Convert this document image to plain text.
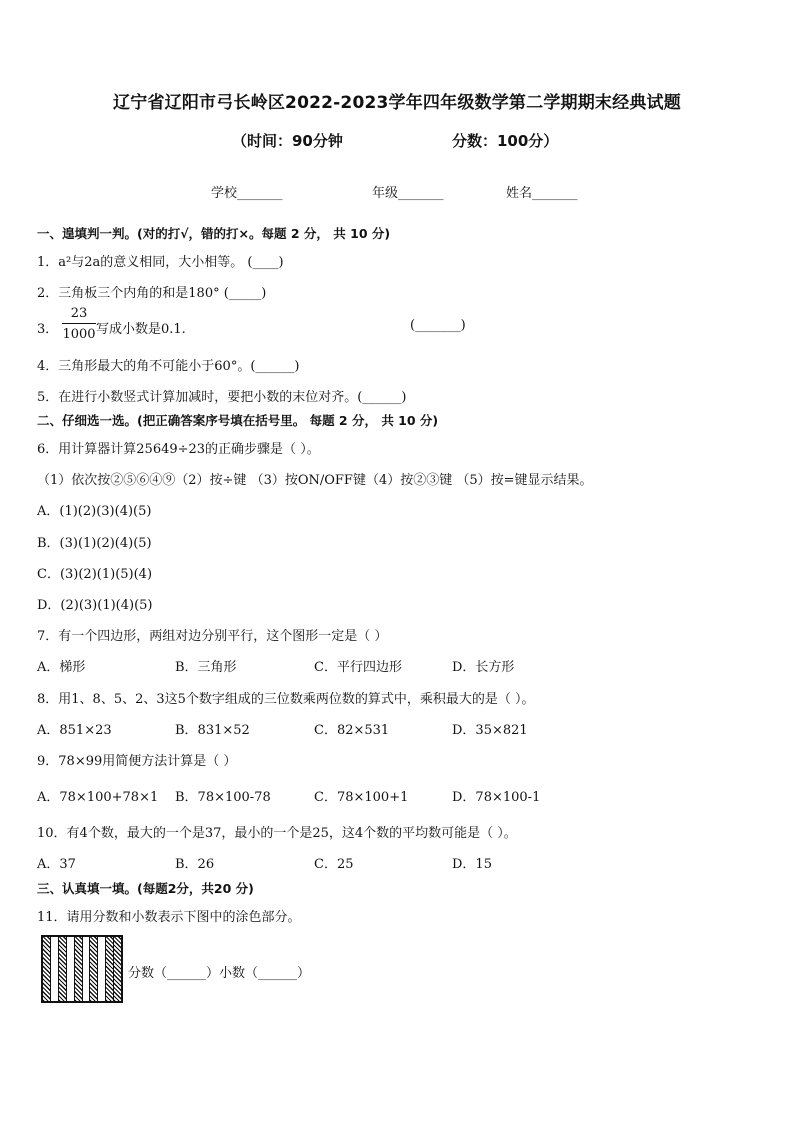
辽宁省辽阳市弓长岭区2022-2023学年四年级数学第二学期期末经典试题
（时间：90分钟	分数：100分）
学校_______	年级_______	姓名_______
一、遑填判一判。(对的打√，错的打×。每题 2 分， 共 10 分)
1．a²与2a的意义相同，大小相等。 (____)
2．三角板三个内角的和是180° (_____)
3． $\frac{23}{1000}$ 写成小数是0.1.	(_______)
4．三角形最大的角不可能小于60°。(______)
5．在进行小数竖式计算加减时，要把小数的末位对齐。(______)
二、仔细选一选。(把正确答案序号填在括号里。 每题 2 分， 共 10 分)
6．用计算器计算25649÷23的正确步骤是（ ）。
（1）依次按②⑤⑥④⑨（2）按÷键 （3）按ON/OFF键（4）按②③键 （5）按=键显示结果。
A．(1)(2)(3)(4)(5)
B．(3)(1)(2)(4)(5)
C．(3)(2)(1)(5)(4)
D．(2)(3)(1)(4)(5)
7．有一个四边形，两组对边分别平行，这个图形一定是（ ）
A．梯形	B．三角形	C．平行四边形	D．长方形
8．用1、8、5、2、3这5个数字组成的三位数乘两位数的算式中，乘积最大的是（ ）。
A．851×23	B．831×52	C．82×531	D．35×821
9．78×99用简便方法计算是（ ）
A．78×100+78×1 B．78×100-78	C．78×100+1	D．78×100-1
10．有4个数，最大的一个是37，最小的一个是25，这4个数的平均数可能是（ ）。
A．37	B．26	C．25	D．15
三、认真填一填。(每题2分，共20 分)
11．请用分数和小数表示下图中的涂色部分。
分数（______）小数（______）
